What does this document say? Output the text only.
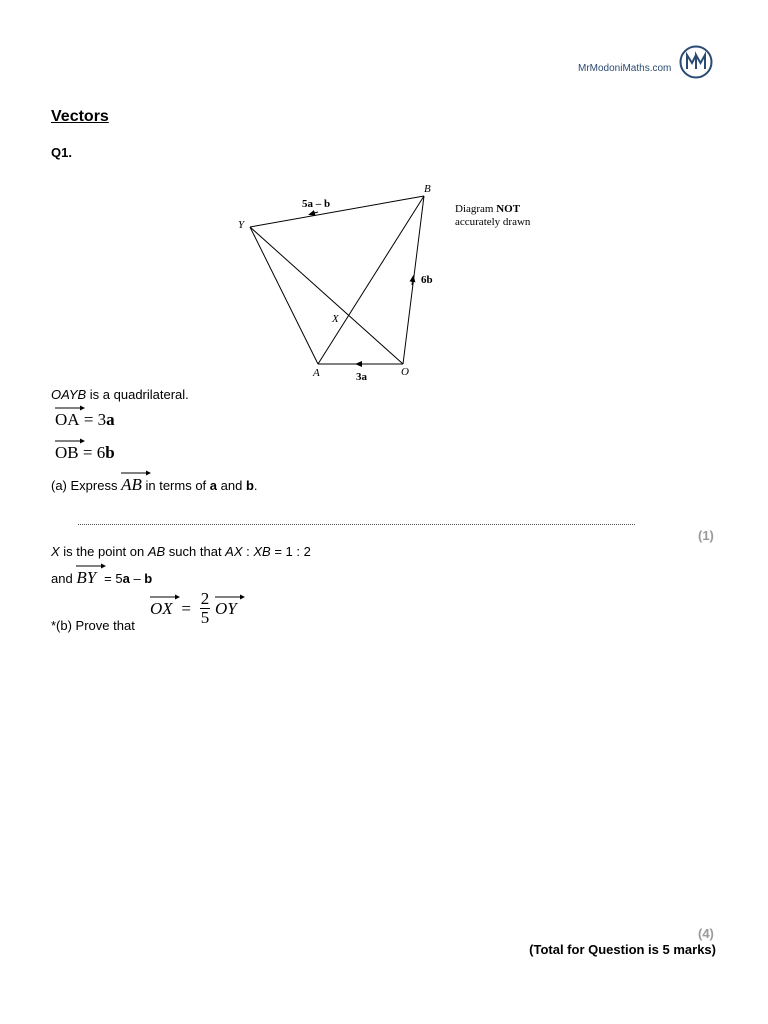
MrModoniMaths.com
Vectors
Q1.
B
Y
X
A	O
5a – b
6b
3a
Diagram NOT
accurately drawn
OAYB is a quadrilateral.
OA = 3a
OB = 6b
(a) Express
AB in terms of a and b.
(1)
X is the point on AB such that AX : XB = 1 : 2
and
BY = 5a – b
*(b) Prove that
OX = $\frac{2}{5}$
OY
(4)
(Total for Question is 5 marks)
